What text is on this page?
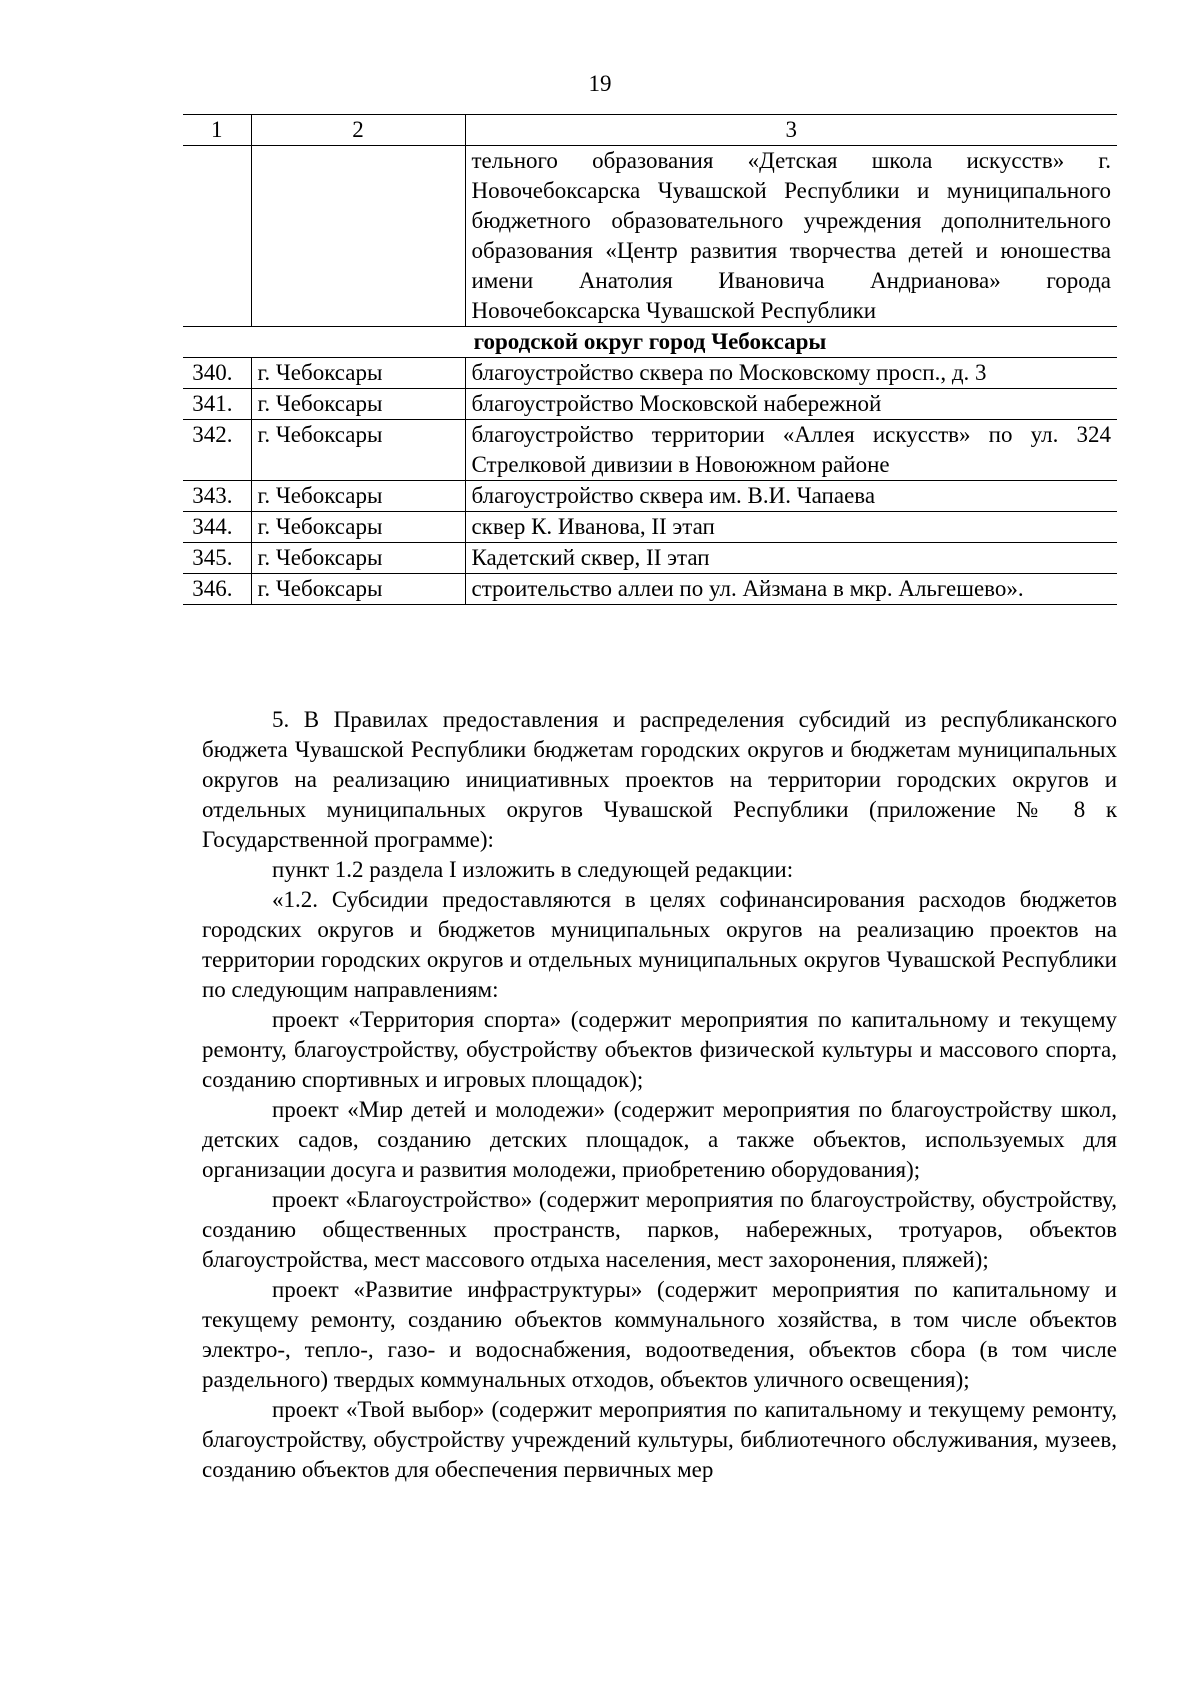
19
1	2	3
		тельного образования «Детская школа искусств» г. Новочебоксарска Чувашской Республики и муниципального бюджетного образовательного учреждения дополнительного образования «Центр развития творчества детей и юношества имени Анатолия Ивановича Андрианова» города Новочебоксарска Чувашской Республики
городской округ город Чебоксары		
340.	г. Чебоксары	благоустройство сквера по Московскому просп., д. 3
341.	г. Чебоксары	благоустройство Московской набережной
342.	г. Чебоксары	благоустройство территории «Аллея искусств» по ул. 324 Стрелковой дивизии в Новоюжном районе
343.	г. Чебоксары	благоустройство сквера им. В.И. Чапаева
344.	г. Чебоксары	сквер К. Иванова, II этап
345.	г. Чебоксары	Кадетский сквер, II этап
346.	г. Чебоксары	строительство аллеи по ул. Айзмана в мкр. Альгешево».

5. В Правилах предоставления и распределения субсидий из республиканского бюджета Чувашской Республики бюджетам городских округов и бюджетам муниципальных округов на реализацию инициативных проектов на территории городских округов и отдельных муниципальных округов Чувашской Республики (приложение № 8 к Государственной программе):

пункт 1.2 раздела I изложить в следующей редакции:

«1.2. Субсидии предоставляются в целях софинансирования расходов бюджетов городских округов и бюджетов муниципальных округов на реализацию проектов на территории городских округов и отдельных муниципальных округов Чувашской Республики по следующим направлениям:

проект «Территория спорта» (содержит мероприятия по капитальному и текущему ремонту, благоустройству, обустройству объектов физической культуры и массового спорта, созданию спортивных и игровых площадок);

проект «Мир детей и молодежи» (содержит мероприятия по благоустройству школ, детских садов, созданию детских площадок, а также объектов, используемых для организации досуга и развития молодежи, приобретению оборудования);

проект «Благоустройство» (содержит мероприятия по благоустройству, обустройству, созданию общественных пространств, парков, набережных, тротуаров, объектов благоустройства, мест массового отдыха населения, мест захоронения, пляжей);

проект «Развитие инфраструктуры» (содержит мероприятия по капитальному и текущему ремонту, созданию объектов коммунального хозяйства, в том числе объектов электро-, тепло-, газо- и водоснабжения, водоотведения, объектов сбора (в том числе раздельного) твердых коммунальных отходов, объектов уличного освещения);

проект «Твой выбор» (содержит мероприятия по капитальному и текущему ремонту, благоустройству, обустройству учреждений культуры, библиотечного обслуживания, музеев, созданию объектов для обеспечения первичных мер
